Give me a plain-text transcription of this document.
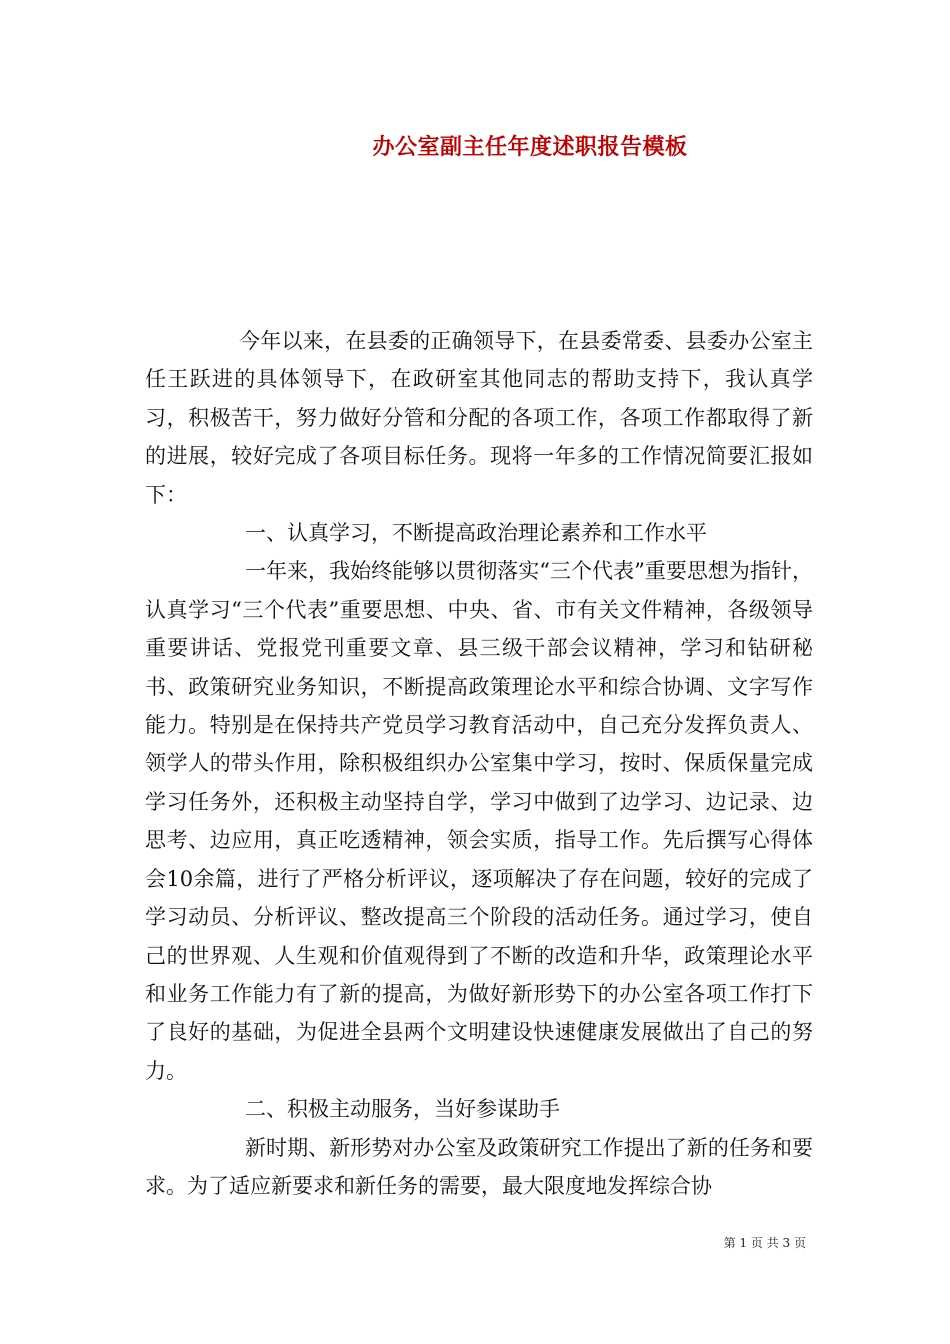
办公室副主任年度述职报告模板

今年以来，在县委的正确领导下，在县委常委、县委办公室主任王跃进的具体领导下，在政研室其他同志的帮助支持下，我认真学习，积极苦干，努力做好分管和分配的各项工作，各项工作都取得了新的进展，较好完成了各项目标任务。现将一年多的工作情况简要汇报如下：

一、认真学习，不断提高政治理论素养和工作水平

一年来，我始终能够以贯彻落实“三个代表”重要思想为指针，认真学习“三个代表”重要思想、中央、省、市有关文件精神，各级领导重要讲话、党报党刊重要文章、县三级干部会议精神，学习和钻研秘书、政策研究业务知识，不断提高政策理论水平和综合协调、文字写作能力。特别是在保持共产党员学习教育活动中，自己充分发挥负责人、领学人的带头作用，除积极组织办公室集中学习，按时、保质保量完成学习任务外，还积极主动坚持自学，学习中做到了边学习、边记录、边思考、边应用，真正吃透精神，领会实质，指导工作。先后撰写心得体会10余篇，进行了严格分析评议，逐项解决了存在问题，较好的完成了学习动员、分析评议、整改提高三个阶段的活动任务。通过学习，使自己的世界观、人生观和价值观得到了不断的改造和升华，政策理论水平和业务工作能力有了新的提高，为做好新形势下的办公室各项工作打下了良好的基础，为促进全县两个文明建设快速健康发展做出了自己的努力。

二、积极主动服务，当好参谋助手

新时期、新形势对办公室及政策研究工作提出了新的任务和要求。为了适应新要求和新任务的需要，最大限度地发挥综合协

第 1 页 共 3 页
